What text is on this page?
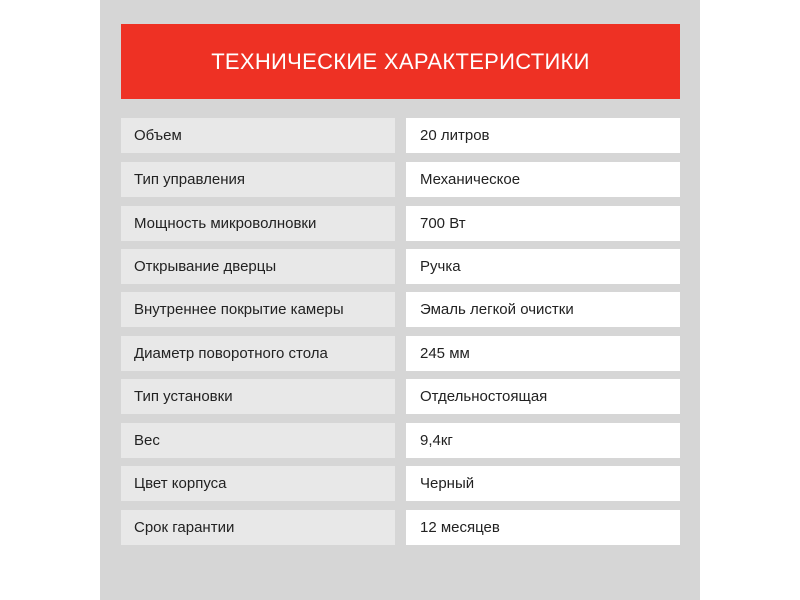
ТЕХНИЧЕСКИЕ ХАРАКТЕРИСТИКИ
Объем	20 литров
Тип управления	Механическое
Мощность микроволновки	700 Вт
Открывание дверцы	Ручка
Внутреннее покрытие камеры	Эмаль легкой очистки
Диаметр поворотного стола	245 мм
Тип установки	Отдельностоящая
Вес	9,4кг
Цвет корпуса	Черный
Срок гарантии	12 месяцев
